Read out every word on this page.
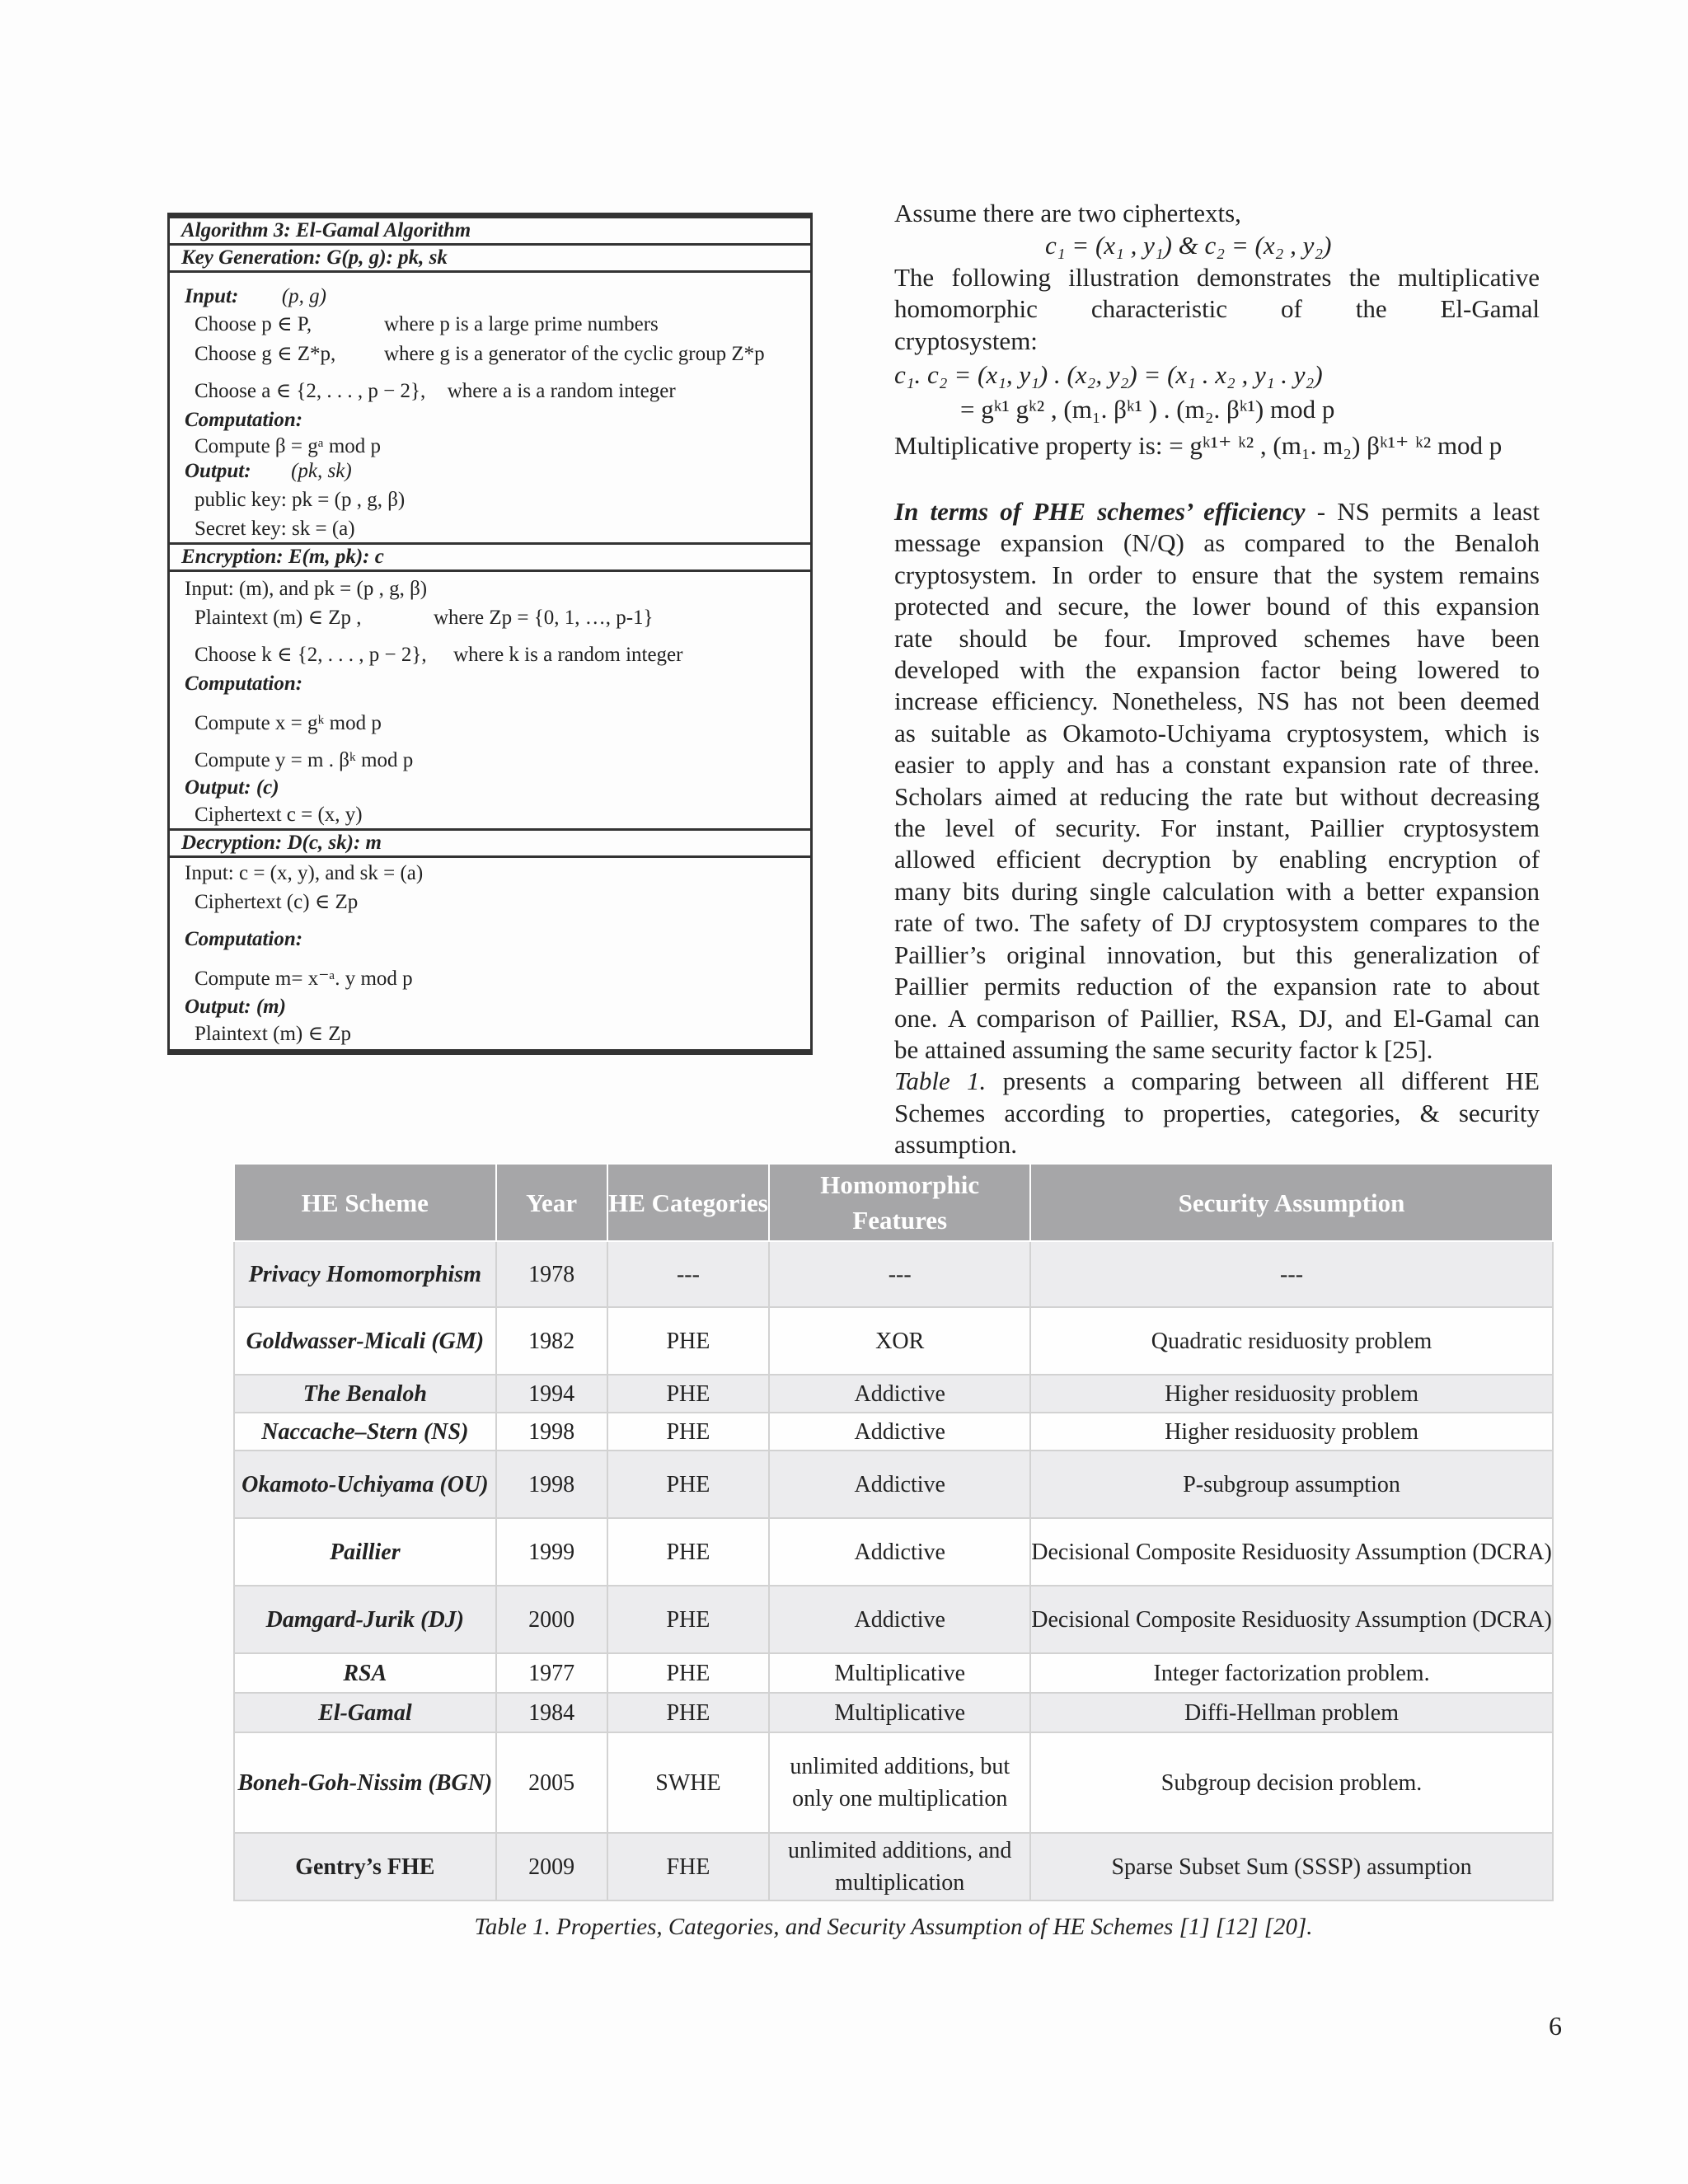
Algorithm 3: El-Gamal Algorithm
Key Generation: G(p, g): pk, sk
Input: (p, g)
Choose p ∈ P,	where p is a large prime numbers
Choose g ∈ Z*p, where g is a generator of the cyclic group Z*p
Choose a ∈ {2, . . . , p − 2}, where a is a random integer
Computation:
Compute β = gᵃ mod p
Output: (pk, sk)
public key: pk = (p , g, β)
Secret key: sk = (a)
Encryption: E(m, pk): c
Input: (m), and pk = (p , g, β)
Plaintext (m) ∈ Zp ,	where Zp = {0, 1, …, p-1}
Choose k ∈ {2, . . . , p − 2}, where k is a random integer
Computation:
Compute x = gᵏ mod p
Compute y = m . βᵏ mod p
Output: (c)
Ciphertext c = (x, y)
Decryption: D(c, sk): m
Input: c = (x, y), and sk = (a)
Ciphertext (c) ∈ Zp
Computation:
Compute m= x⁻ᵃ. y mod p
Output: (m)
Plaintext (m) ∈ Zp
Assume there are two ciphertexts,
c₁ = (x₁ , y₁) & c₂ = (x₂ , y₂)
The following illustration demonstrates the multiplicative
homomorphic characteristic of the El-Gamal
cryptosystem:
c₁. c₂ = (x₁, y₁) . (x₂, y₂) = (x₁ . x₂ , y₁ . y₂)
= gᵏ¹ gᵏ² , (m₁. βᵏ¹ ) . (m₂. βᵏ¹) mod p
Multiplicative property is: = gᵏ¹⁺ ᵏ² , (m₁. m₂) βᵏ¹⁺ ᵏ² mod p
In terms of PHE schemes’ efficiency - NS permits a least
message expansion (N/Q) as compared to the Benaloh
cryptosystem. In order to ensure that the system remains
protected and secure, the lower bound of this expansion
rate should be four. Improved schemes have been
developed with the expansion factor being lowered to
increase efficiency. Nonetheless, NS has not been deemed
as suitable as Okamoto-Uchiyama cryptosystem, which is
easier to apply and has a constant expansion rate of three.
Scholars aimed at reducing the rate but without decreasing
the level of security. For instant, Paillier cryptosystem
allowed efficient decryption by enabling encryption of
many bits during single calculation with a better expansion
rate of two. The safety of DJ cryptosystem compares to the
Paillier’s original innovation, but this generalization of
Paillier permits reduction of the expansion rate to about
one. A comparison of Paillier, RSA, DJ, and El-Gamal can
be attained assuming the same security factor k [25].
Table 1. presents a comparing between all different HE
Schemes according to properties, categories, & security
assumption.
HE Scheme	Year	HE Categories	Homomorphic Features	Security Assumption
Privacy Homomorphism	1978	---	---	---
Goldwasser-Micali (GM)	1982	PHE	XOR	Quadratic residuosity problem
The Benaloh	1994	PHE	Addictive	Higher residuosity problem
Naccache–Stern (NS)	1998	PHE	Addictive	Higher residuosity problem
Okamoto-Uchiyama (OU)	1998	PHE	Addictive	P-subgroup assumption
Paillier	1999	PHE	Addictive	Decisional Composite Residuosity Assumption (DCRA)
Damgard-Jurik (DJ)	2000	PHE	Addictive	Decisional Composite Residuosity Assumption (DCRA)
RSA	1977	PHE	Multiplicative	Integer factorization problem.
El-Gamal	1984	PHE	Multiplicative	Diffi-Hellman problem
Boneh-Goh-Nissim (BGN)	2005	SWHE	unlimited additions, but only one multiplication	Subgroup decision problem.
Gentry’s FHE	2009	FHE	unlimited additions, and multiplication	Sparse Subset Sum (SSSP) assumption
Table 1. Properties, Categories, and Security Assumption of HE Schemes [1] [12] [20].
6
